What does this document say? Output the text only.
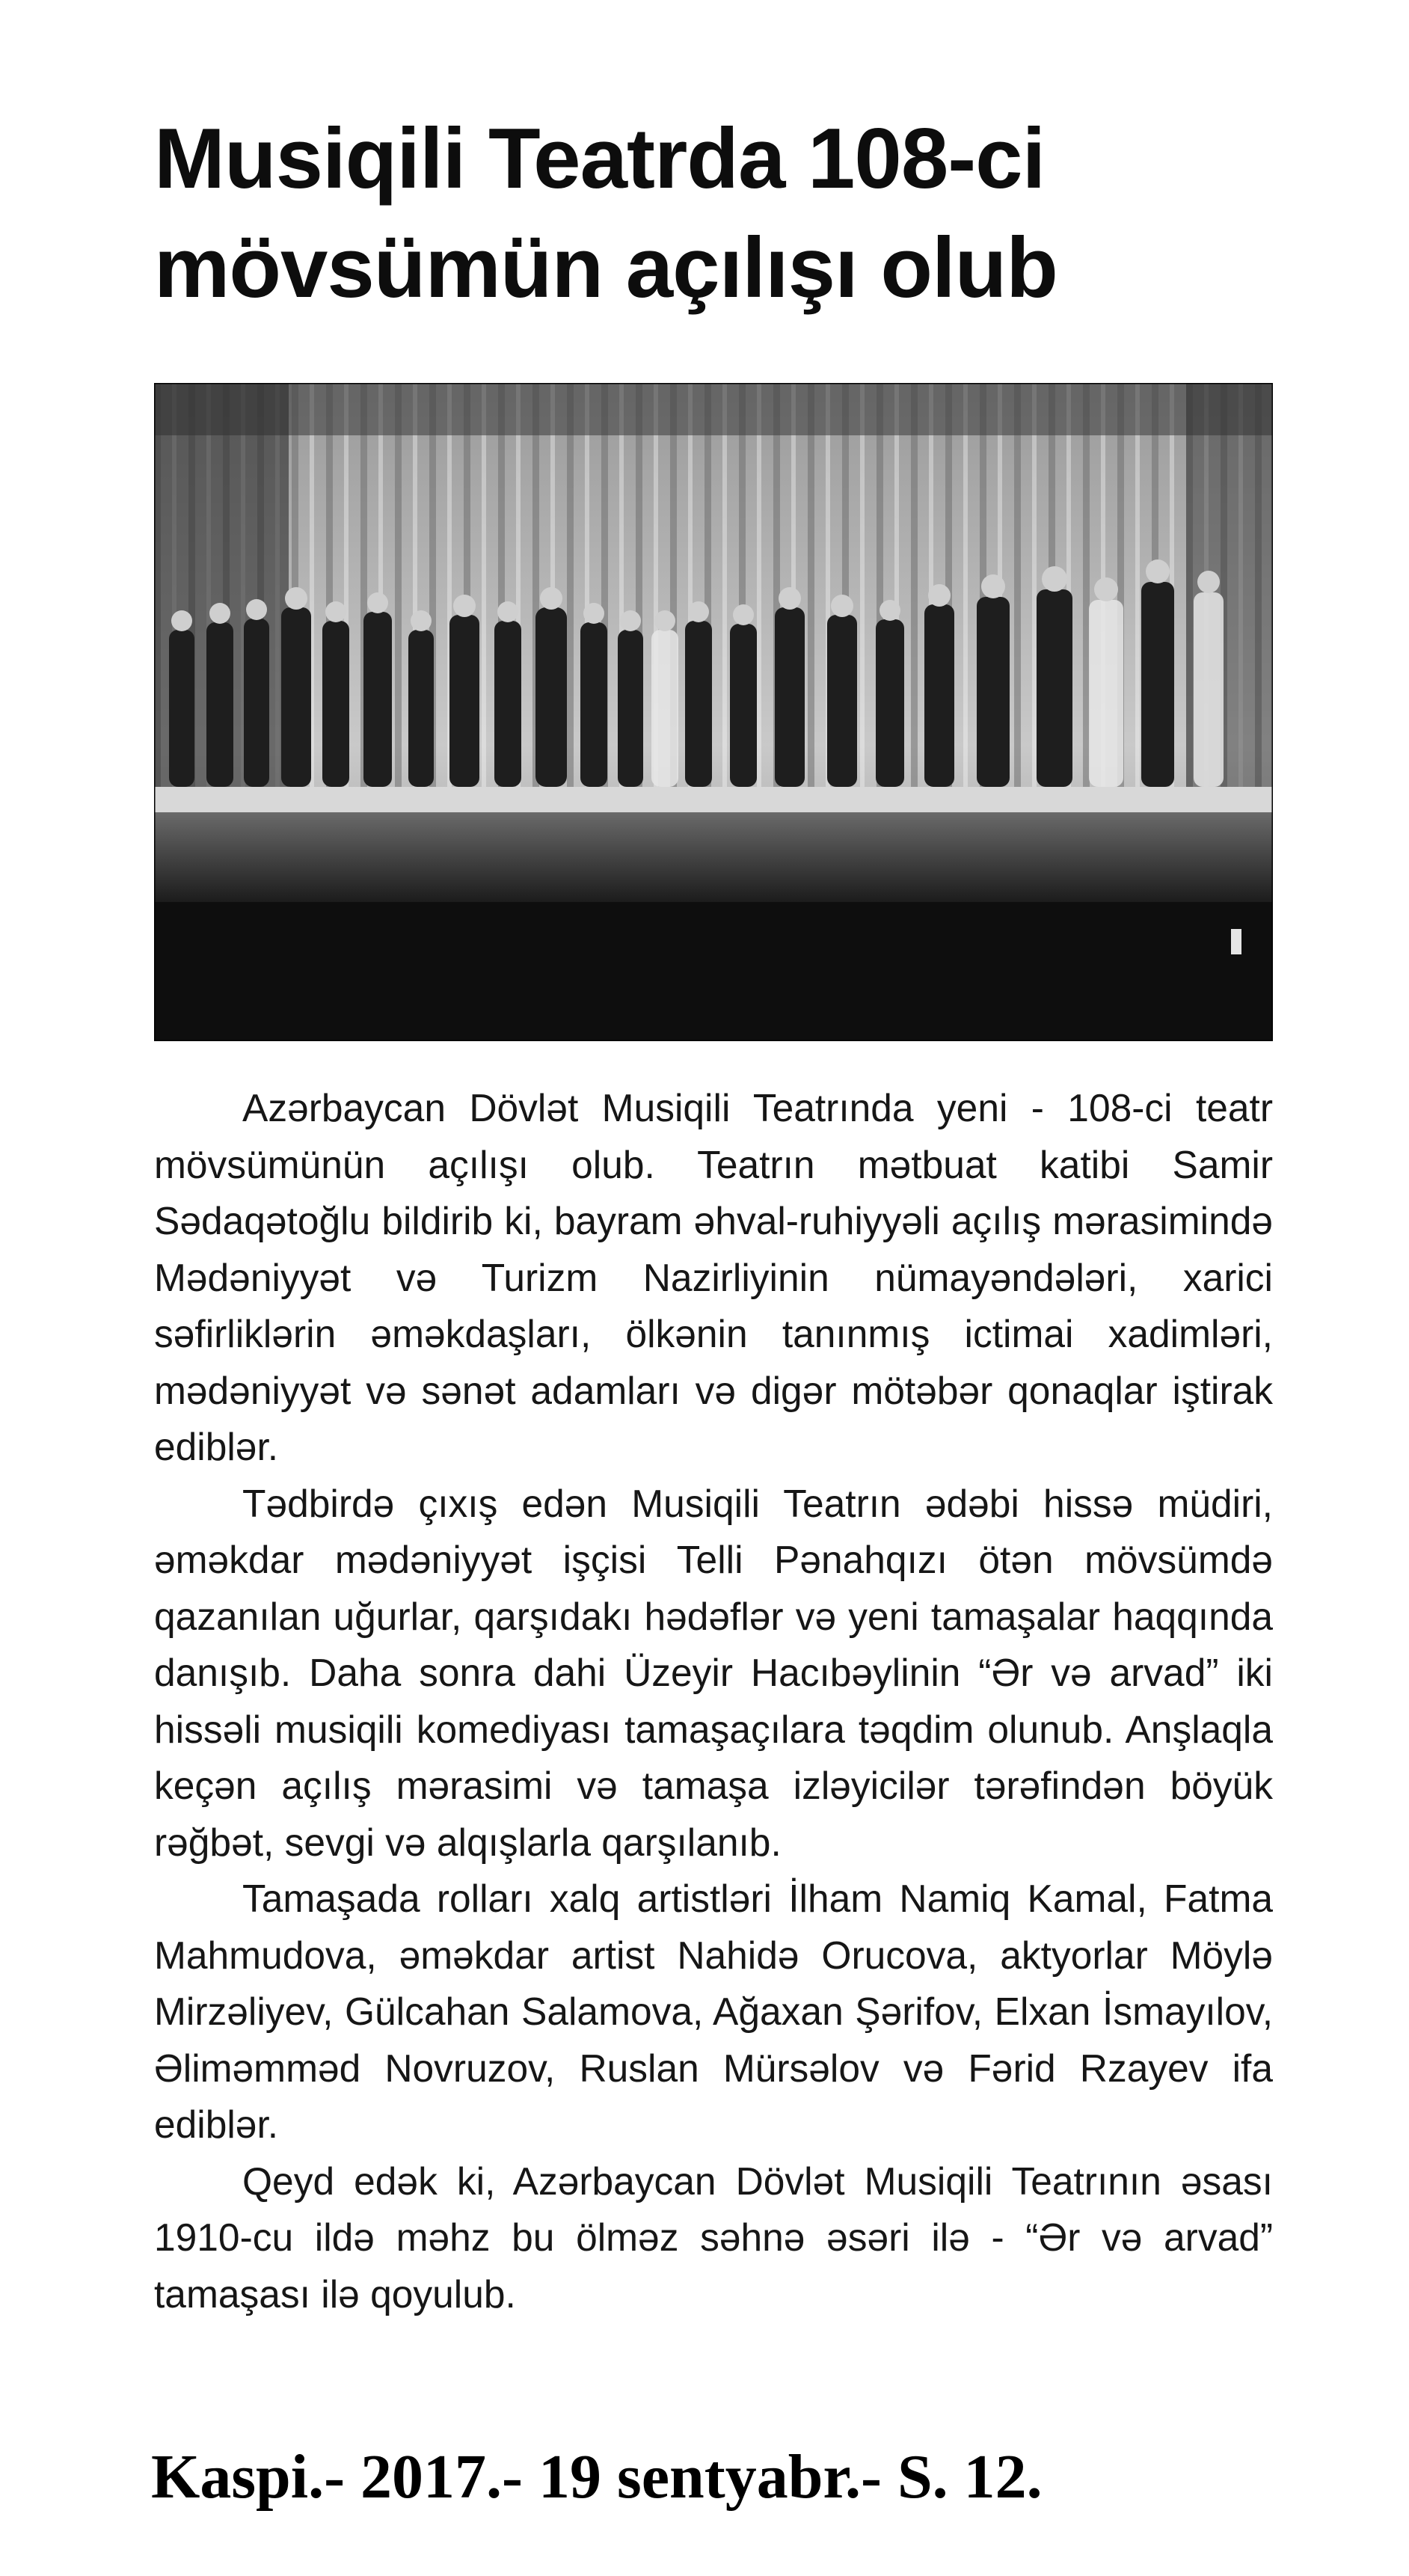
Musiqili Teatrda 108-ci
mövsümün açılışı olub

Azərbaycan Dövlət Musiqili Teatrında yeni - 108-ci teatr mövsümünün açılışı olub. Teatrın mətbuat katibi Samir Sədaqətoğlu bildirib ki, bayram əhval-ruhiyyəli açılış mərasimində Mədəniyyət və Turizm Nazirliyinin nümayəndələri, xarici səfirliklərin əməkdaşları, ölkənin tanınmış ictimai xadimləri, mədəniyyət və sənət adamları və digər mötəbər qonaqlar iştirak ediblər.

Tədbirdə çıxış edən Musiqili Teatrın ədəbi hissə müdiri, əməkdar mədəniyyət işçisi Telli Pənahqızı ötən mövsümdə qazanılan uğurlar, qarşıdakı hədəflər və yeni tamaşalar haqqında danışıb. Daha sonra dahi Üzeyir Hacıbəylinin “Ər və arvad” iki hissəli musiqili komediyası tamaşaçılara təqdim olunub. Anşlaqla keçən açılış mərasimi və tamaşa izləyicilər tərəfindən böyük rəğbət, sevgi və alqışlarla qarşılanıb.

Tamaşada rolları xalq artistləri İlham Namiq Kamal, Fatma Mahmudova, əməkdar artist Nahidə Orucova, aktyorlar Möylə Mirzəliyev, Gülcahan Salamova, Ağaxan Şərifov, Elxan İsmayılov, Əliməmməd Novruzov, Ruslan Mürsəlov və Fərid Rzayev ifa ediblər.

Qeyd edək ki, Azərbaycan Dövlət Musiqili Teatrının əsası 1910-cu ildə məhz bu ölməz səhnə əsəri ilə - “Ər və arvad” tamaşası ilə qoyulub.

Kaspi.- 2017.- 19 sentyabr.- S. 12.
